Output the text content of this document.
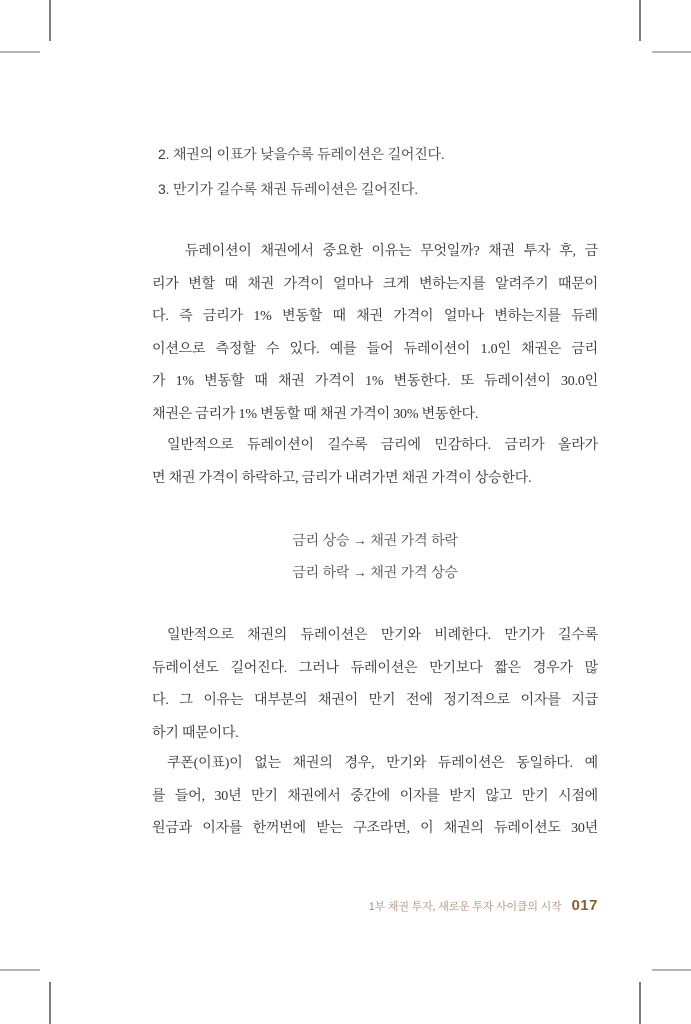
2. 채권의 이표가 낮을수록 듀레이션은 길어진다.
3. 만기가 길수록 채권 듀레이션은 길어진다.
듀레이션이 채권에서 중요한 이유는 무엇일까? 채권 투자 후, 금
리가 변할 때 채권 가격이 얼마나 크게 변하는지를 알려주기 때문이
다. 즉 금리가 1% 변동할 때 채권 가격이 얼마나 변하는지를 듀레
이션으로 측정할 수 있다. 예를 들어 듀레이션이 1.0인 채권은 금리
가 1% 변동할 때 채권 가격이 1% 변동한다. 또 듀레이션이 30.0인
채권은 금리가 1% 변동할 때 채권 가격이 30% 변동한다.
일반적으로 듀레이션이 길수록 금리에 민감하다. 금리가 올라가
면 채권 가격이 하락하고, 금리가 내려가면 채권 가격이 상승한다.
금리 상승 → 채권 가격 하락
금리 하락 → 채권 가격 상승
일반적으로 채권의 듀레이션은 만기와 비례한다. 만기가 길수록
듀레이션도 길어진다. 그러나 듀레이션은 만기보다 짧은 경우가 많
다. 그 이유는 대부분의 채권이 만기 전에 정기적으로 이자를 지급
하기 때문이다.
쿠폰(이표)이 없는 채권의 경우, 만기와 듀레이션은 동일하다. 예
를 들어, 30년 만기 채권에서 중간에 이자를 받지 않고 만기 시점에
원금과 이자를 한꺼번에 받는 구조라면, 이 채권의 듀레이션도 30년
1부 채권 투자, 새로운 투자 사이클의 시작 017
